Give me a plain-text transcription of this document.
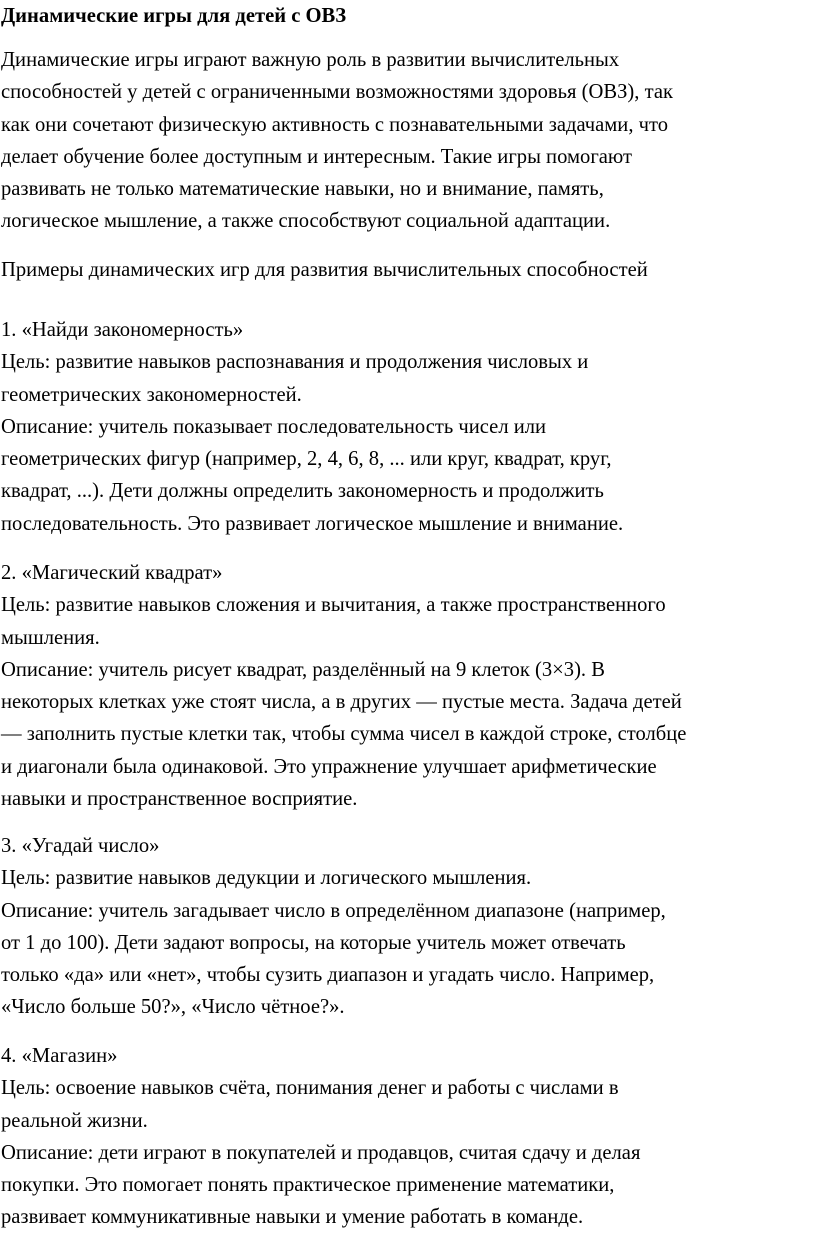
Динамические игры для детей с ОВЗ
Динамические игры играют важную роль в развитии вычислительных
способностей у детей с ограниченными возможностями здоровья (ОВЗ), так
как они сочетают физическую активность с познавательными задачами, что
делает обучение более доступным и интересным. Такие игры помогают
развивать не только математические навыки, но и внимание, память,
логическое мышление, а также способствуют социальной адаптации.
Примеры динамических игр для развития вычислительных способностей
1. «Найди закономерность»
Цель: развитие навыков распознавания и продолжения числовых и
геометрических закономерностей.
Описание: учитель показывает последовательность чисел или
геометрических фигур (например, 2, 4, 6, 8, ... или круг, квадрат, круг,
квадрат, ...). Дети должны определить закономерность и продолжить
последовательность. Это развивает логическое мышление и внимание.
2. «Магический квадрат»
Цель: развитие навыков сложения и вычитания, а также пространственного
мышления.
Описание: учитель рисует квадрат, разделённый на 9 клеток (3×3). В
некоторых клетках уже стоят числа, а в других — пустые места. Задача детей
— заполнить пустые клетки так, чтобы сумма чисел в каждой строке, столбце
и диагонали была одинаковой. Это упражнение улучшает арифметические
навыки и пространственное восприятие.
3. «Угадай число»
Цель: развитие навыков дедукции и логического мышления.
Описание: учитель загадывает число в определённом диапазоне (например,
от 1 до 100). Дети задают вопросы, на которые учитель может отвечать
только «да» или «нет», чтобы сузить диапазон и угадать число. Например,
«Число больше 50?», «Число чётное?».
4. «Магазин»
Цель: освоение навыков счёта, понимания денег и работы с числами в
реальной жизни.
Описание: дети играют в покупателей и продавцов, считая сдачу и делая
покупки. Это помогает понять практическое применение математики,
развивает коммуникативные навыки и умение работать в команде.
